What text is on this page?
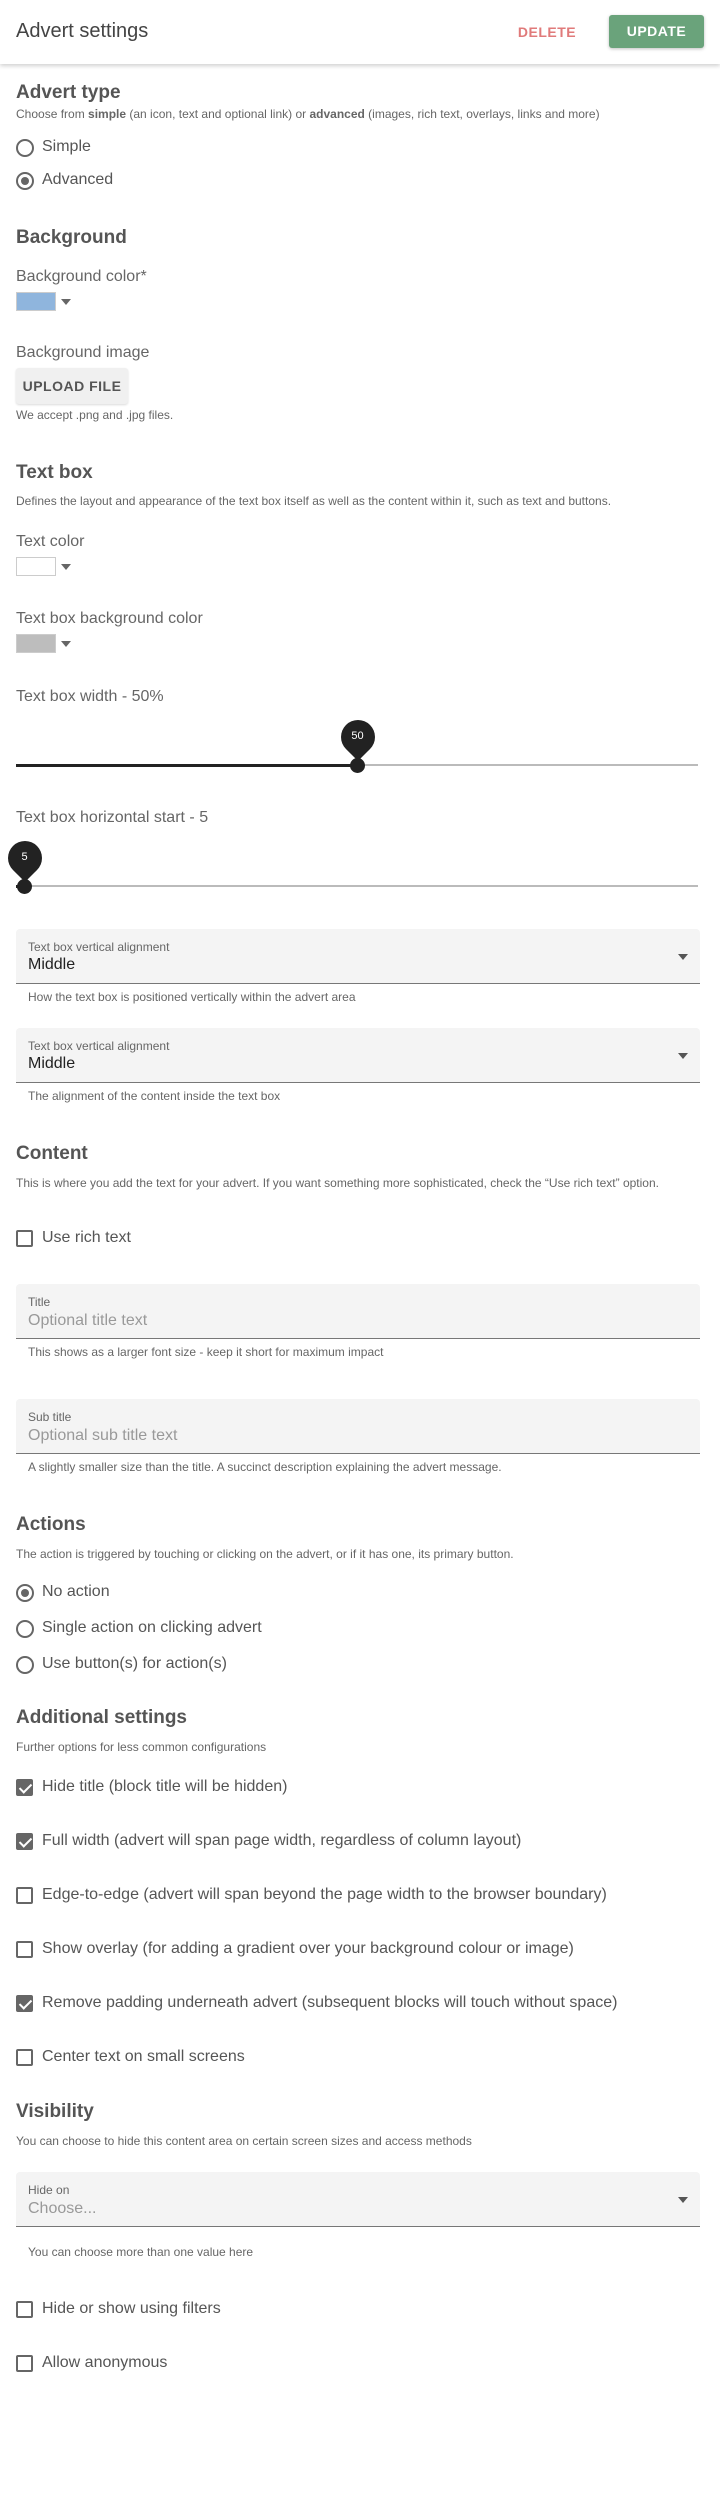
Advert settings	DELETE	UPDATE
Advert type
Choose from simple (an icon, text and optional link) or advanced (images, rich text, overlays, links and more)
Simple
Advanced
Background
Background color*
Background image
UPLOAD FILE
We accept .png and .jpg files.
Text box
Defines the layout and appearance of the text box itself as well as the content within it, such as text and buttons.
Text color
Text box background color
Text box width - 50%
50
Text box horizontal start - 5
5
Text box vertical alignment
Middle
How the text box is positioned vertically within the advert area
Text box vertical alignment
Middle
The alignment of the content inside the text box
Content
This is where you add the text for your advert. If you want something more sophisticated, check the “Use rich text” option.
Use rich text
Title
Optional title text
This shows as a larger font size - keep it short for maximum impact
Sub title
Optional sub title text
A slightly smaller size than the title. A succinct description explaining the advert message.
Actions
The action is triggered by touching or clicking on the advert, or if it has one, its primary button.
No action
Single action on clicking advert
Use button(s) for action(s)
Additional settings
Further options for less common configurations
Hide title (block title will be hidden)
Full width (advert will span page width, regardless of column layout)
Edge-to-edge (advert will span beyond the page width to the browser boundary)
Show overlay (for adding a gradient over your background colour or image)
Remove padding underneath advert (subsequent blocks will touch without space)
Center text on small screens
Visibility
You can choose to hide this content area on certain screen sizes and access methods
Hide on
Choose...
You can choose more than one value here
Hide or show using filters
Allow anonymous
